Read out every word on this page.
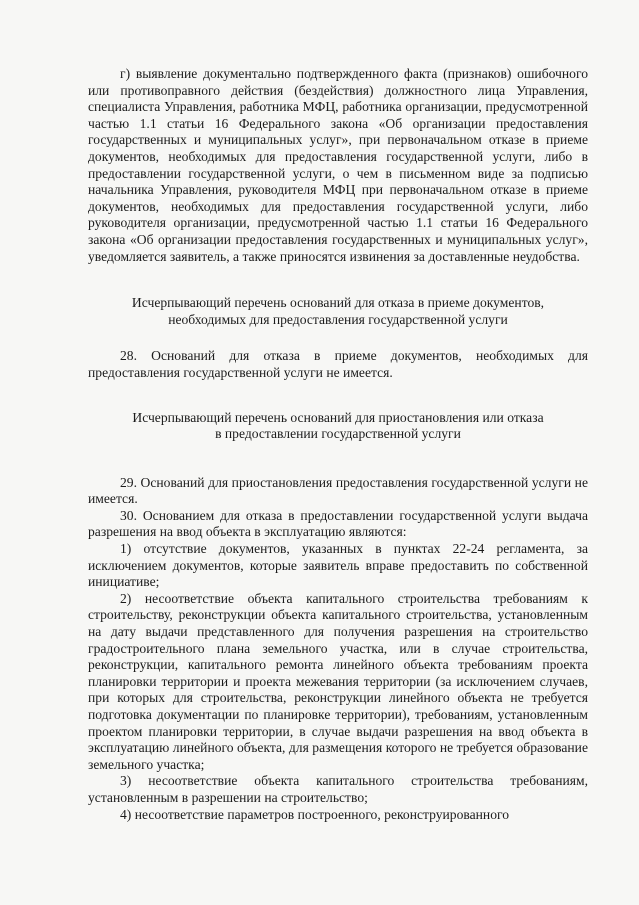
г) выявление документально подтвержденного факта (признаков) ошибочного или противоправного действия (бездействия) должностного лица Управления, специалиста Управления, работника МФЦ, работника организации, предусмотренной частью 1.1 статьи 16 Федерального закона «Об организации предоставления государственных и муниципальных услуг», при первоначальном отказе в приеме документов, необходимых для предоставления государственной услуги, либо в предоставлении государственной услуги, о чем в письменном виде за подписью начальника Управления, руководителя МФЦ при первоначальном отказе в приеме документов, необходимых для предоставления государственной услуги, либо руководителя организации, предусмотренной частью 1.1 статьи 16 Федерального закона «Об организации предоставления государственных и муниципальных услуг», уведомляется заявитель, а также приносятся извинения за доставленные неудобства.

Исчерпывающий перечень оснований для отказа в приеме документов,

необходимых для предоставления государственной услуги

28. Оснований для отказа в приеме документов, необходимых для предоставления государственной услуги не имеется.

Исчерпывающий перечень оснований для приостановления или отказа

в предоставлении государственной услуги

29. Оснований для приостановления предоставления государственной услуги не имеется.

30. Основанием для отказа в предоставлении государственной услуги выдача разрешения на ввод объекта в эксплуатацию являются:

1) отсутствие документов, указанных в пунктах 22-24 регламента, за исключением документов, которые заявитель вправе предоставить по собственной инициативе;

2) несоответствие объекта капитального строительства требованиям к строительству, реконструкции объекта капитального строительства, установленным на дату выдачи представленного для получения разрешения на строительство градостроительного плана земельного участка, или в случае строительства, реконструкции, капитального ремонта линейного объекта требованиям проекта планировки территории и проекта межевания территории (за исключением случаев, при которых для строительства, реконструкции линейного объекта не требуется подготовка документации по планировке территории), требованиям, установленным проектом планировки территории, в случае выдачи разрешения на ввод объекта в эксплуатацию линейного объекта, для размещения которого не требуется образование земельного участка;

3) несоответствие объекта капитального строительства требованиям, установленным в разрешении на строительство;

4) несоответствие параметров построенного, реконструированного
